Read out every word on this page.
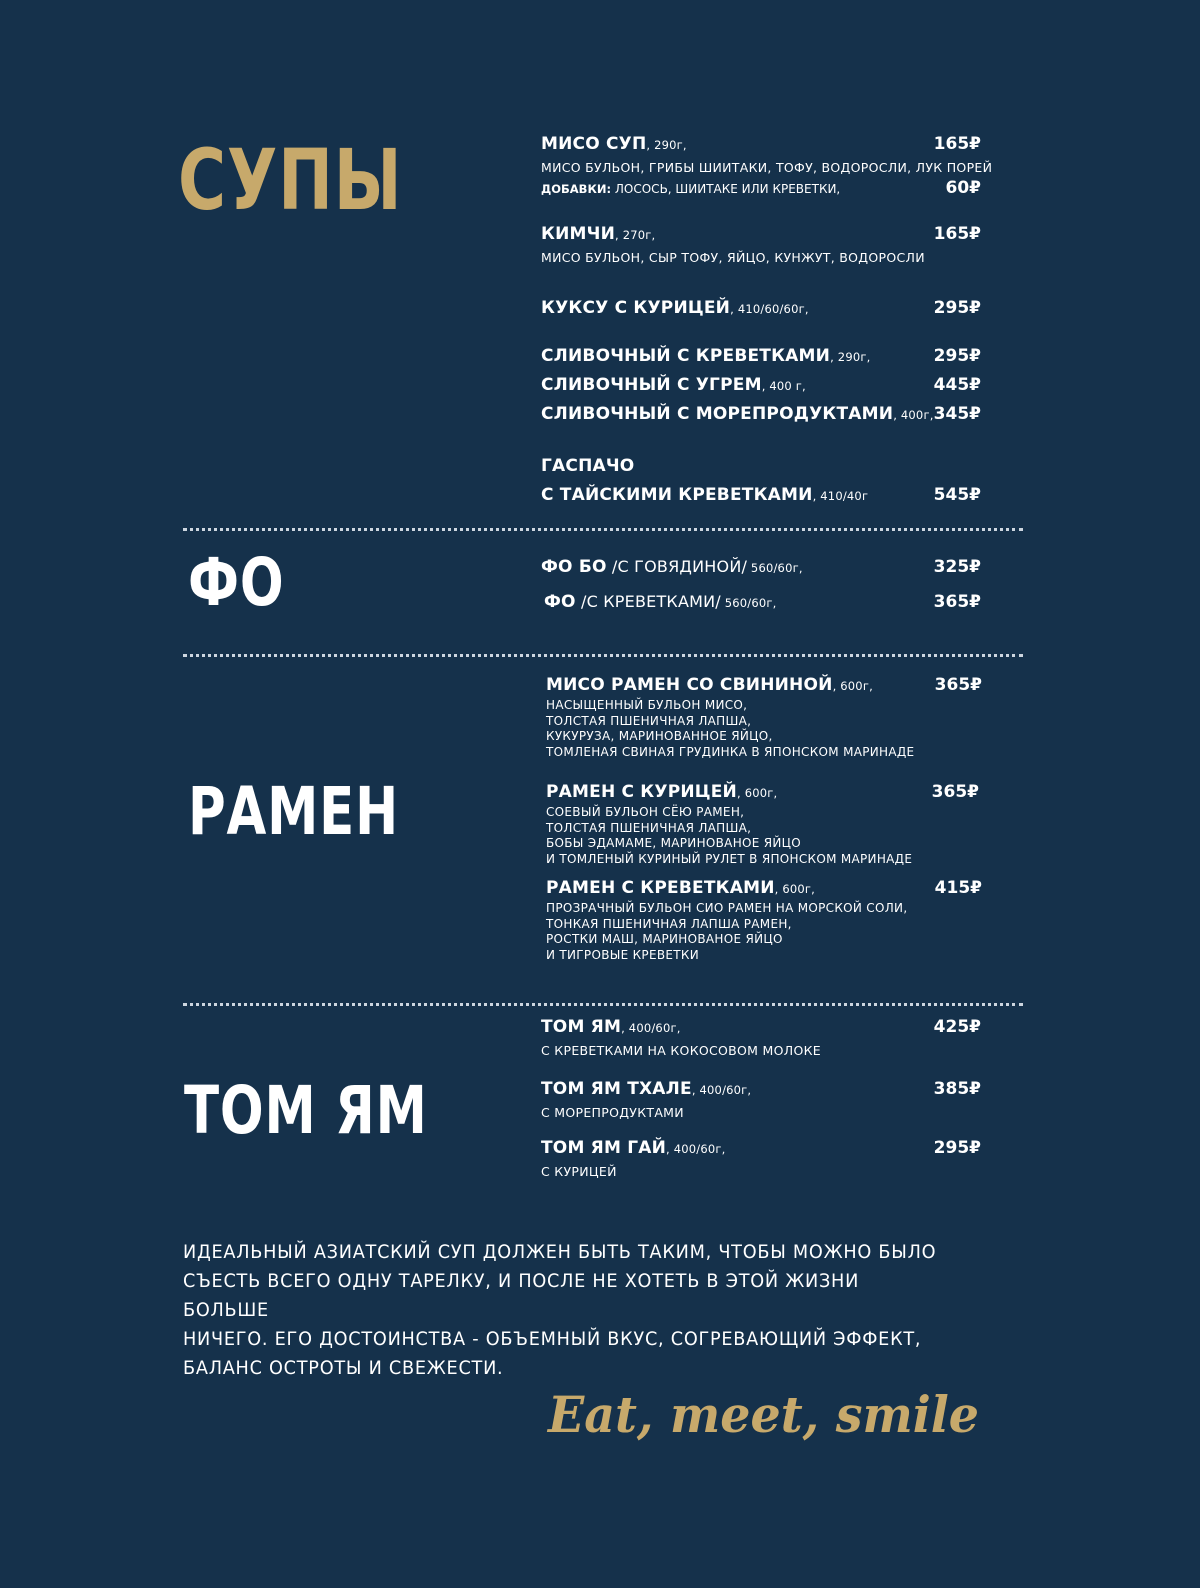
СУПЫ	МИСО СУП, 290г,	165₽
МИСО БУЛЬОН, ГРИБЫ ШИИТАКИ, ТОФУ, ВОДОРОСЛИ, ЛУК ПОРЕЙ
ДОБАВКИ: ЛОСОСЬ, ШИИТАКЕ ИЛИ КРЕВЕТКИ,	60₽
КИМЧИ, 270г,	165₽
МИСО БУЛЬОН, СЫР ТОФУ, ЯЙЦО, КУНЖУТ, ВОДОРОСЛИ
КУКСУ С КУРИЦЕЙ, 410/60/60г,	295₽
СЛИВОЧНЫЙ С КРЕВЕТКАМИ, 290г,	295₽
СЛИВОЧНЫЙ С УГРЕМ, 400 г,	445₽
СЛИВОЧНЫЙ С МОРЕПРОДУКТАМИ, 400г, 345₽
ГАСПАЧО
С ТАЙСКИМИ КРЕВЕТКАМИ, 410/40г	545₽
ФО	ФО БО /С ГОВЯДИНОЙ/ 560/60г,	325₽
ФО /С КРЕВЕТКАМИ/ 560/60г,	365₽
РАМЕН
МИСО РАМЕН СО СВИНИНОЙ, 600г,	365₽
НАСЫЩЕННЫЙ БУЛЬОН МИСО,
ТОЛСТАЯ ПШЕНИЧНАЯ ЛАПША,
КУКУРУЗА, МАРИНОВАННОЕ ЯЙЦО,
ТОМЛЕНАЯ СВИНАЯ ГРУДИНКА В ЯПОНСКОМ МАРИНАДЕ
РАМЕН С КУРИЦЕЙ, 600г,	365₽
СОЕВЫЙ БУЛЬОН СЁЮ РАМЕН,
ТОЛСТАЯ ПШЕНИЧНАЯ ЛАПША,
БОБЫ ЭДАМАМЕ, МАРИНОВАНОЕ ЯЙЦО
И ТОМЛЕНЫЙ КУРИНЫЙ РУЛЕТ В ЯПОНСКОМ МАРИНАДЕ
РАМЕН С КРЕВЕТКАМИ, 600г,	415₽
ПРОЗРАЧНЫЙ БУЛЬОН СИО РАМЕН НА МОРСКОЙ СОЛИ,
ТОНКАЯ ПШЕНИЧНАЯ ЛАПША РАМЕН,
РОСТКИ МАШ, МАРИНОВАНОЕ ЯЙЦО
И ТИГРОВЫЕ КРЕВЕТКИ
ТОМ ЯМ
ТОМ ЯМ, 400/60г,	425₽
С КРЕВЕТКАМИ НА КОКОСОВОМ МОЛОКЕ
ТОМ ЯМ ТХАЛЕ, 400/60г,	385₽
С МОРЕПРОДУКТАМИ
ТОМ ЯМ ГАЙ, 400/60г,	295₽
С КУРИЦЕЙ
ИДЕАЛЬНЫЙ АЗИАТСКИЙ СУП ДОЛЖЕН БЫТЬ ТАКИМ, ЧТОБЫ МОЖНО БЫЛО
СЪЕСТЬ ВСЕГО ОДНУ ТАРЕЛКУ, И ПОСЛЕ НЕ ХОТЕТЬ В ЭТОЙ ЖИЗНИ БОЛЬШЕ
НИЧЕГО. ЕГО ДОСТОИНСТВА - ОБЪЕМНЫЙ ВКУС, СОГРЕВАЮЩИЙ ЭФФЕКТ,
БАЛАНС ОСТРОТЫ И СВЕЖЕСТИ.
Eat, meet, smile
